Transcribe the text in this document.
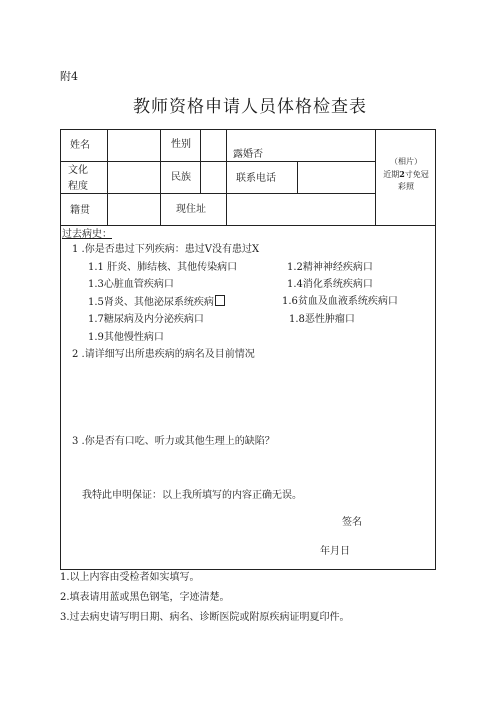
附4
教师资格申请人员体格检查表
姓名	性别
露婚否
文化
程度
民族	联系电话
籍贯	现住址
（相片）
近期2寸免冠
彩照
过去病史：
1 .你是否患过下列疾病：患过V没有患过X
1.1 肝炎、肺结核、其他传染病口	1.2精神神经疾病口
1.3心脏血管疾病口	1.4消化系统疾病口
1.5肾炎、其他泌尿系统疾病	1.6贫血及血液系统疾病口
1.7糖尿病及内分泌疾病口	1.8恶性肿瘤口
1.9其他慢性病口
2 .请详细写出所患疾病的病名及目前情况
3 .你是否有口吃、听力或其他生理上的缺陷？
我特此申明保证：以上我所填写的内容正确无误。
签名
年月日
1.以上内容由受检者如实填写。
2.填表请用蓝或黑色钢笔，字迹清楚。
3.过去病史请写明日期、病名、诊断医院或附原疾病证明夏印件。
